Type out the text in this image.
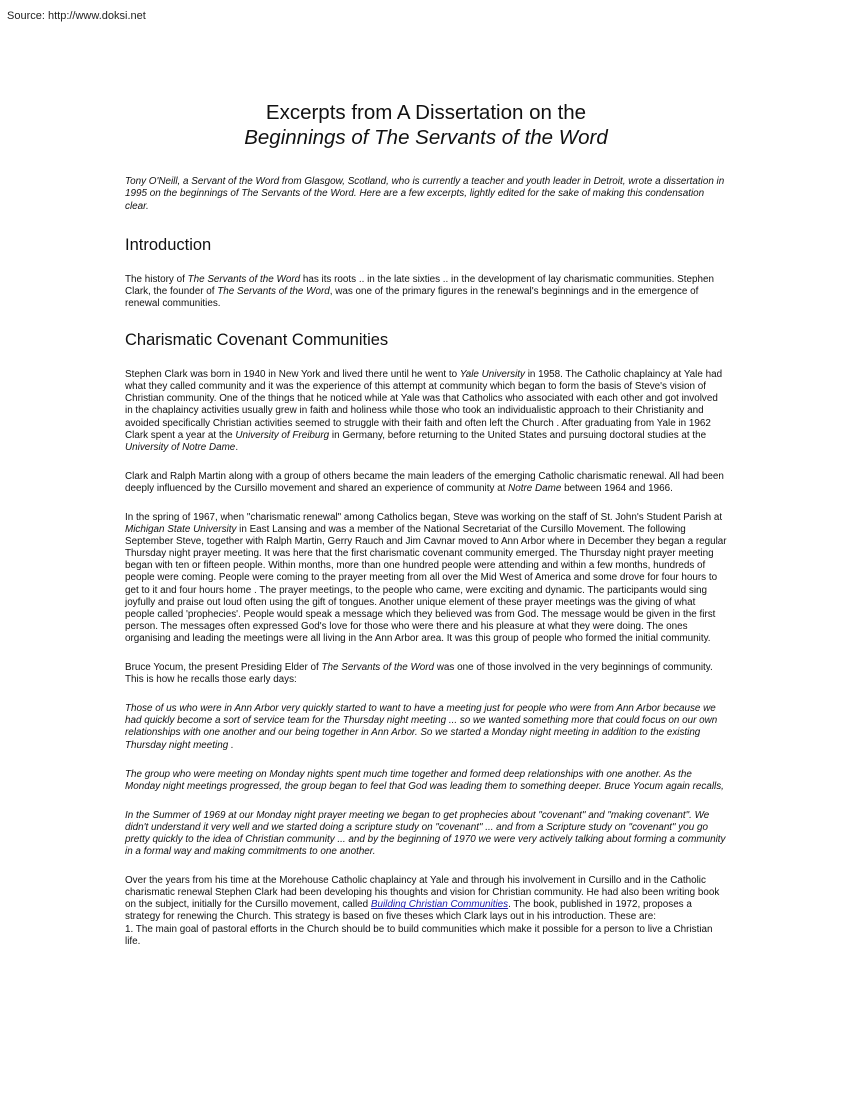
Source: http://www.doksi.net
Excerpts from A Dissertation on the
Beginnings of The Servants of the Word

Tony O'Neill, a Servant of the Word from Glasgow, Scotland, who is currently a teacher and youth leader in Detroit, wrote a dissertation in 1995 on the beginnings of The Servants of the Word. Here are a few excerpts, lightly edited for the sake of making this condensation clear.

Introduction

The history of The Servants of the Word has its roots .. in the late sixties .. in the development of lay charismatic communities. Stephen Clark, the founder of The Servants of the Word, was one of the primary figures in the renewal's beginnings and in the emergence of renewal communities.

Charismatic Covenant Communities

Stephen Clark was born in 1940 in New York and lived there until he went to Yale University in 1958. The Catholic chaplaincy at Yale had what they called community and it was the experience of this attempt at community which began to form the basis of Steve's vision of Christian community. One of the things that he noticed while at Yale was that Catholics who associated with each other and got involved in the chaplaincy activities usually grew in faith and holiness while those who took an individualistic approach to their Christianity and avoided specifically Christian activities seemed to struggle with their faith and often left the Church . After graduating from Yale in 1962 Clark spent a year at the University of Freiburg in Germany, before returning to the United States and pursuing doctoral studies at the University of Notre Dame.

Clark and Ralph Martin along with a group of others became the main leaders of the emerging Catholic charismatic renewal. All had been deeply influenced by the Cursillo movement and shared an experience of community at Notre Dame between 1964 and 1966.

In the spring of 1967, when "charismatic renewal" among Catholics began, Steve was working on the staff of St. John's Student Parish at Michigan State University in East Lansing and was a member of the National Secretariat of the Cursillo Movement. The following September Steve, together with Ralph Martin, Gerry Rauch and Jim Cavnar moved to Ann Arbor where in December they began a regular Thursday night prayer meeting. It was here that the first charismatic covenant community emerged. The Thursday night prayer meeting began with ten or fifteen people. Within months, more than one hundred people were attending and within a few months, hundreds of people were coming. People were coming to the prayer meeting from all over the Mid West of America and some drove for four hours to get to it and four hours home . The prayer meetings, to the people who came, were exciting and dynamic. The participants would sing joyfully and praise out loud often using the gift of tongues. Another unique element of these prayer meetings was the giving of what people called 'prophecies'. People would speak a message which they believed was from God. The message would be given in the first person. The messages often expressed God's love for those who were there and his pleasure at what they were doing. The ones organising and leading the meetings were all living in the Ann Arbor area. It was this group of people who formed the initial community.

Bruce Yocum, the present Presiding Elder of The Servants of the Word was one of those involved in the very beginnings of community. This is how he recalls those early days:

Those of us who were in Ann Arbor very quickly started to want to have a meeting just for people who were from Ann Arbor because we had quickly become a sort of service team for the Thursday night meeting ... so we wanted something more that could focus on our own relationships with one another and our being together in Ann Arbor. So we started a Monday night meeting in addition to the existing Thursday night meeting .

The group who were meeting on Monday nights spent much time together and formed deep relationships with one another. As the Monday night meetings progressed, the group began to feel that God was leading them to something deeper. Bruce Yocum again recalls,

In the Summer of 1969 at our Monday night prayer meeting we began to get prophecies about "covenant" and "making covenant". We didn't understand it very well and we started doing a scripture study on "covenant" ... and from a Scripture study on "covenant" you go pretty quickly to the idea of Christian community ... and by the beginning of 1970 we were very actively talking about forming a community in a formal way and making commitments to one another.

Over the years from his time at the Morehouse Catholic chaplaincy at Yale and through his involvement in Cursillo and in the Catholic charismatic renewal Stephen Clark had been developing his thoughts and vision for Christian community. He had also been writing book on the subject, initially for the Cursillo movement, called Building Christian Communities. The book, published in 1972, proposes a strategy for renewing the Church. This strategy is based on five theses which Clark lays out in his introduction. These are:

1. The main goal of pastoral efforts in the Church should be to build communities which make it possible for a person to live a Christian life.
